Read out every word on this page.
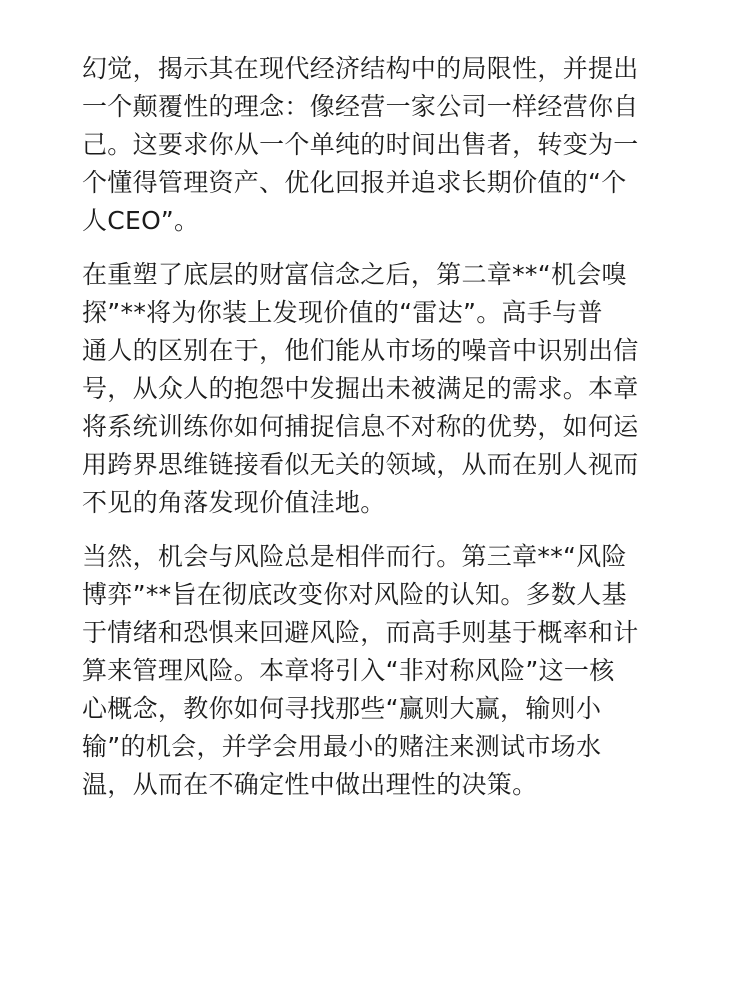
幻觉，揭示其在现代经济结构中的局限性，并提出
一个颠覆性的理念：像经营一家公司一样经营你自
己。这要求你从一个单纯的时间出售者，转变为一
个懂得管理资产、优化回报并追求长期价值的“个
人CEO”。
在重塑了底层的财富信念之后，第二章**“机会嗅
探”**将为你装上发现价值的“雷达”。高手与普
通人的区别在于，他们能从市场的噪音中识别出信
号，从众人的抱怨中发掘出未被满足的需求。本章
将系统训练你如何捕捉信息不对称的优势，如何运
用跨界思维链接看似无关的领域，从而在别人视而
不见的角落发现价值洼地。
当然，机会与风险总是相伴而行。第三章**“风险
博弈”**旨在彻底改变你对风险的认知。多数人基
于情绪和恐惧来回避风险，而高手则基于概率和计
算来管理风险。本章将引入“非对称风险”这一核
心概念，教你如何寻找那些“赢则大赢，输则小
输”的机会，并学会用最小的赌注来测试市场水
温，从而在不确定性中做出理性的决策。
